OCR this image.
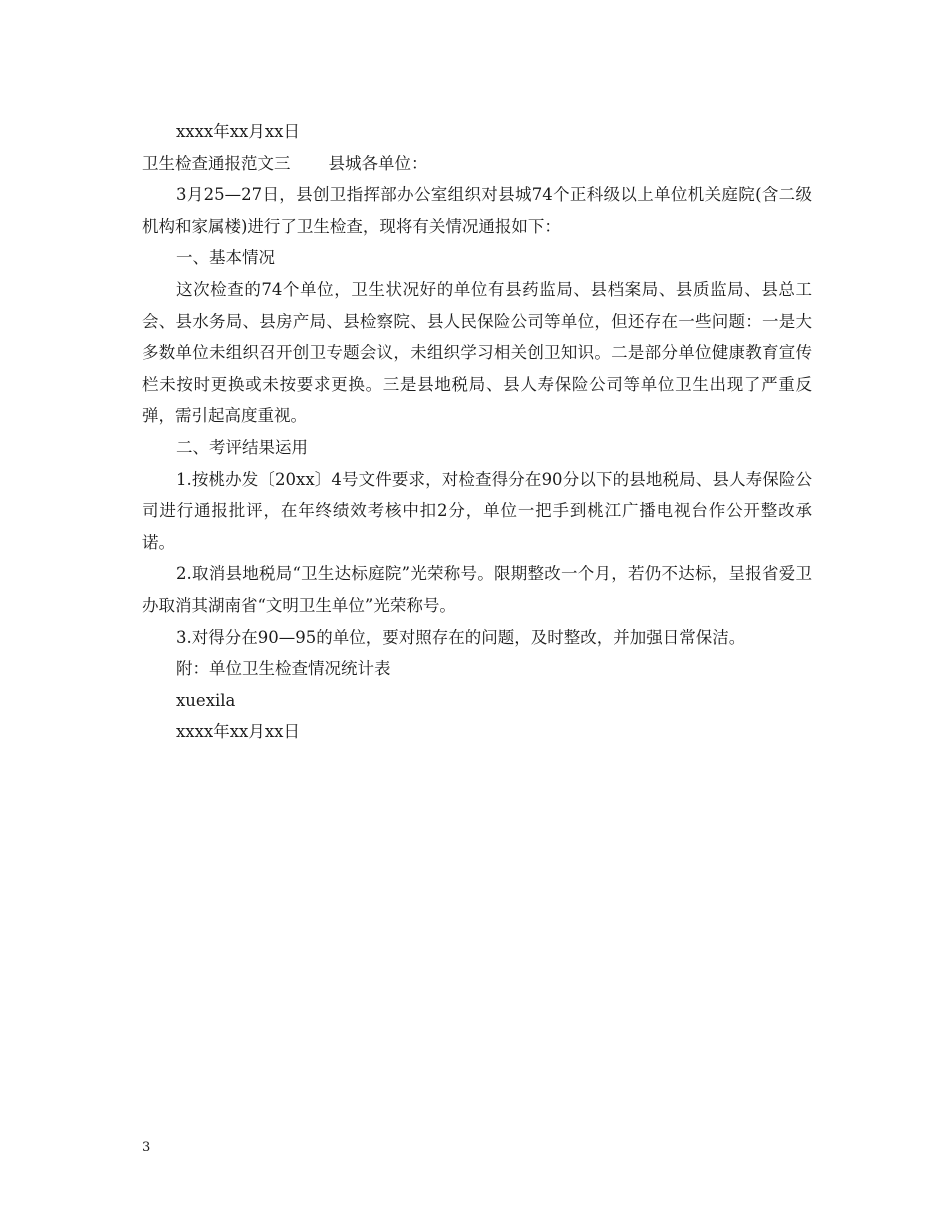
xxxx年xx月xx日

卫生检查通报范文三 县城各单位：

3月25—27日，县创卫指挥部办公室组织对县城74个正科级以上单位机关庭院(含二级机构和家属楼)进行了卫生检查，现将有关情况通报如下：

一、基本情况

这次检查的74个单位，卫生状况好的单位有县药监局、县档案局、县质监局、县总工会、县水务局、县房产局、县检察院、县人民保险公司等单位，但还存在一些问题：一是大多数单位未组织召开创卫专题会议，未组织学习相关创卫知识。二是部分单位健康教育宣传栏未按时更换或未按要求更换。三是县地税局、县人寿保险公司等单位卫生出现了严重反弹，需引起高度重视。

二、考评结果运用

1.按桃办发〔20xx〕4号文件要求，对检查得分在90分以下的县地税局、县人寿保险公司进行通报批评，在年终绩效考核中扣2分，单位一把手到桃江广播电视台作公开整改承诺。

2.取消县地税局“卫生达标庭院”光荣称号。限期整改一个月，若仍不达标，呈报省爱卫办取消其湖南省“文明卫生单位”光荣称号。

3.对得分在90—95的单位，要对照存在的问题，及时整改，并加强日常保洁。

附：单位卫生检查情况统计表

xuexila

xxxx年xx月xx日

3
